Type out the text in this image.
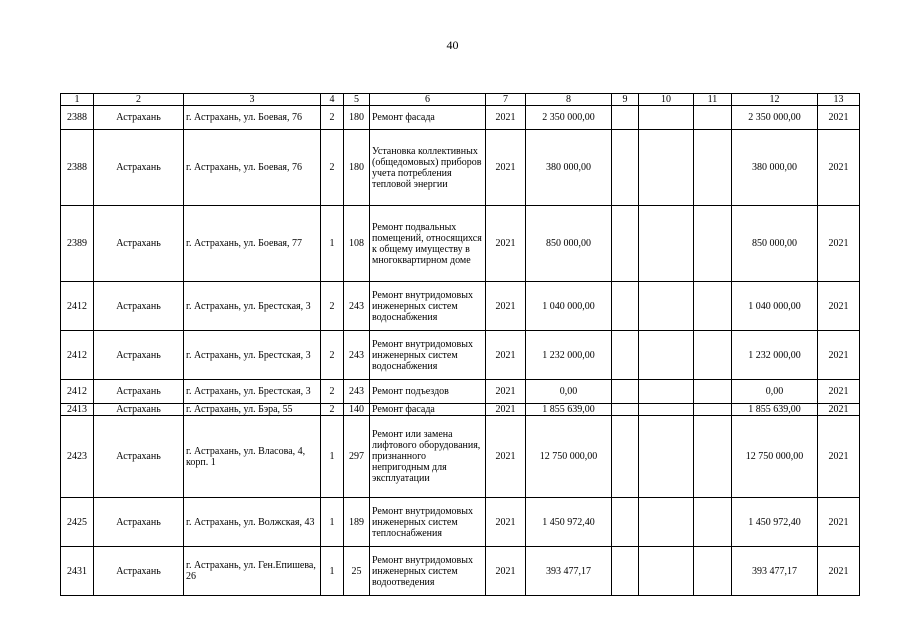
40
1	2	3	4	5	6	7	8	9	10	11	12	13
2388	Астрахань	г. Астрахань, ул. Боевая, 76	2	180	Ремонт фасада	2021	2 350 000,00				2 350 000,00	2021
2388	Астрахань	г. Астрахань, ул. Боевая, 76	2	180	Установка коллективных (общедомовых) приборов учета потребления тепловой энергии	2021	380 000,00				380 000,00	2021
2389	Астрахань	г. Астрахань, ул. Боевая, 77	1	108	Ремонт подвальных помещений, относящихся к общему имуществу в многоквартирном доме	2021	850 000,00				850 000,00	2021
2412	Астрахань	г. Астрахань, ул. Брестская, 3	2	243	Ремонт внутридомовых инженерных систем водоснабжения	2021	1 040 000,00				1 040 000,00	2021
2412	Астрахань	г. Астрахань, ул. Брестская, 3	2	243	Ремонт внутридомовых инженерных систем водоснабжения	2021	1 232 000,00				1 232 000,00	2021
2412	Астрахань	г. Астрахань, ул. Брестская, 3	2	243	Ремонт подъездов	2021	0,00				0,00	2021
2413	Астрахань	г. Астрахань, ул. Бэра, 55	2	140	Ремонт фасада	2021	1 855 639,00				1 855 639,00	2021
2423	Астрахань	г. Астрахань, ул. Власова, 4, корп. 1	1	297	Ремонт или замена лифтового оборудования, признанного непригодным для эксплуатации	2021	12 750 000,00				12 750 000,00	2021
2425	Астрахань	г. Астрахань, ул. Волжская, 43	1	189	Ремонт внутридомовых инженерных систем теплоснабжения	2021	1 450 972,40				1 450 972,40	2021
2431	Астрахань	г. Астрахань, ул. Ген.Епишева, 26	1	25	Ремонт внутридомовых инженерных систем водоотведения	2021	393 477,17				393 477,17	2021
